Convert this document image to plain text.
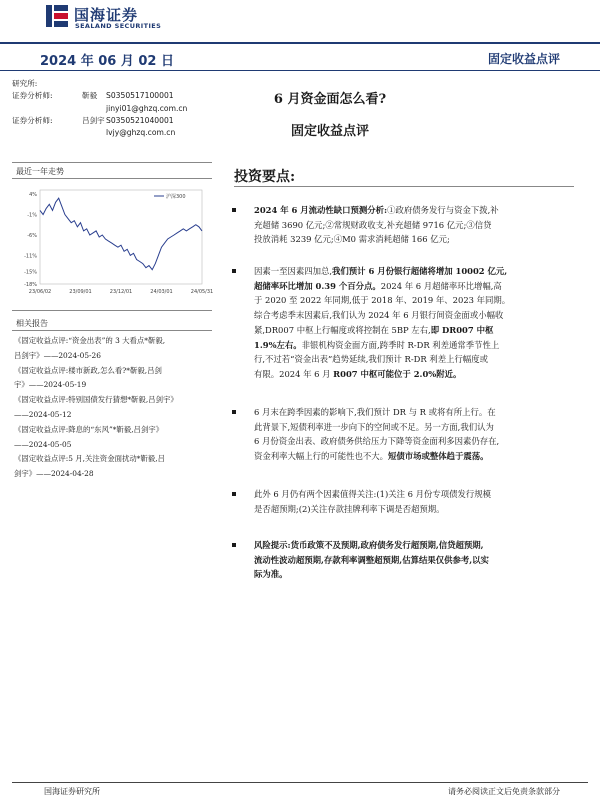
国海证券
SEALAND SECURITIES
2024 年 06 月 02 日	固定收益点评
研究所:
证券分析师:	靳毅	S0350517100001
jinyi01@ghzq.com.cn
证券分析师:	吕剑宇 S0350521040001
lvjy@ghzq.com.cn
6 月资金面怎么看?
固定收益点评
最近一年走势
4%
-1%
-6%
-11%
-15%
-18%
23/06/02	23/09/01	23/12/01	24/03/01	24/05/31
沪深300
相关报告
《固定收益点评:“资金出表”的 3 大看点*靳毅,
吕剑宇》——2024-05-26
《固定收益点评:楼市新政,怎么看?*靳毅,吕剑
宇》——2024-05-19
《固定收益点评:特别国债发行猜想*靳毅,吕剑宇》
——2024-05-12
《固定收益点评:降息的“东风”*靳毅,吕剑宇》
——2024-05-05
《固定收益点评:5 月,关注资金面扰动*靳毅,吕
剑宇》——2024-04-28
投资要点:
2024 年 6 月流动性缺口预测分析:①政府债务发行与资金下拨,补
充超储 3690 亿元;②常规财政收支,补充超储 9716 亿元;③信贷
投放消耗 3239 亿元;④M0 需求消耗超储 166 亿元;
因素一至因素四加总,我们预计 6 月份银行超储将增加 10002 亿元,
超储率环比增加 0.39 个百分点。2024 年 6 月超储率环比增幅,高
于 2020 至 2022 年同期,低于 2018 年、2019 年、2023 年同期。
综合考虑季末因素后,我们认为 2024 年 6 月银行间资金面或小幅收
紧,DR007 中枢上行幅度或将控制在 5BP 左右,即 DR007 中枢
1.9%左右。非银机构资金面方面,跨季时 R-DR 利差通常季节性上
行,不过若“资金出表”趋势延续,我们预计 R-DR 利差上行幅度或
有限。2024 年 6 月 R007 中枢可能位于 2.0%附近。
6 月末在跨季因素的影响下,我们预计 DR 与 R 或将有所上行。在
此背景下,短债利率进一步向下的空间或不足。另一方面,我们认为
6 月份资金出表、政府债务供给压力下降等资金面利多因素仍存在,
资金利率大幅上行的可能性也不大。短债市场或整体趋于震荡。
此外 6 月仍有两个因素值得关注:(1)关注 6 月份专项债发行规模
是否超预期;(2)关注存款挂牌利率下调是否超预期。
风险提示:货币政策不及预期,政府债务发行超预期,信贷超预期,
流动性波动超预期,存款利率调整超预期,估算结果仅供参考,以实
际为准。
国海证券研究所	请务必阅读正文后免责条款部分
